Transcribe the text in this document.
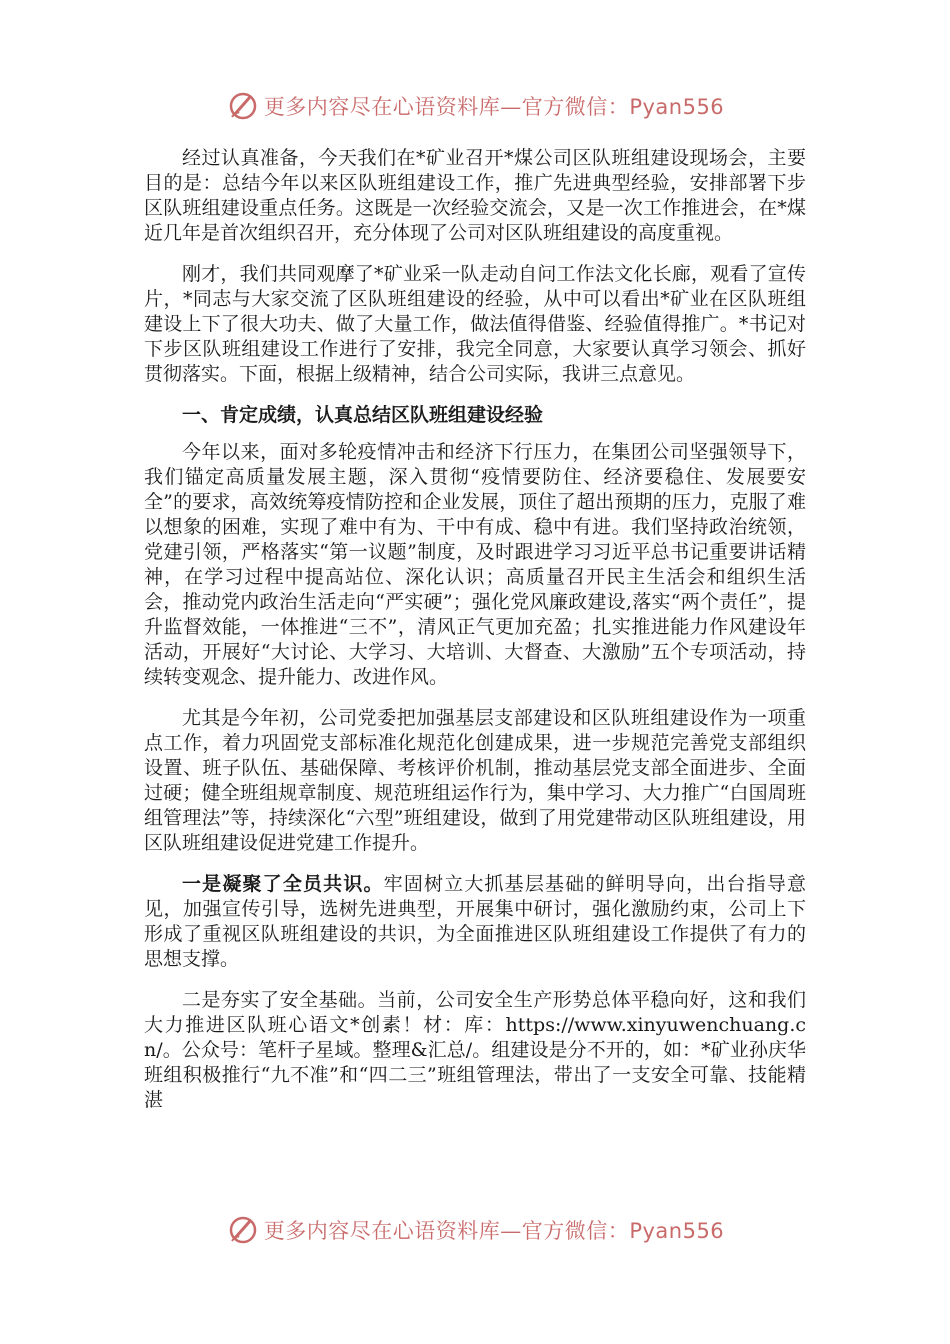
更多内容尽在心语资料库—官方微信：Pyan556

经过认真准备，今天我们在*矿业召开*煤公司区队班组建设现场会，主要目的是：总结今年以来区队班组建设工作，推广先进典型经验，安排部署下步区队班组建设重点任务。这既是一次经验交流会，又是一次工作推进会，在*煤近几年是首次组织召开，充分体现了公司对区队班组建设的高度重视。

刚才，我们共同观摩了*矿业采一队走动自问工作法文化长廊，观看了宣传片，*同志与大家交流了区队班组建设的经验，从中可以看出*矿业在区队班组建设上下了很大功夫、做了大量工作，做法值得借鉴、经验值得推广。*书记对下步区队班组建设工作进行了安排，我完全同意，大家要认真学习领会、抓好贯彻落实。下面，根据上级精神，结合公司实际，我讲三点意见。

一、肯定成绩，认真总结区队班组建设经验

今年以来，面对多轮疫情冲击和经济下行压力，在集团公司坚强领导下，我们锚定高质量发展主题，深入贯彻“疫情要防住、经济要稳住、发展要安全”的要求，高效统筹疫情防控和企业发展，顶住了超出预期的压力，克服了难以想象的困难，实现了难中有为、干中有成、稳中有进。我们坚持政治统领，党建引领，严格落实“第一议题”制度，及时跟进学习习近平总书记重要讲话精神，在学习过程中提高站位、深化认识；高质量召开民主生活会和组织生活会，推动党内政治生活走向“严实硬”；强化党风廉政建设,落实“两个责任”，提升监督效能，一体推进“三不”，清风正气更加充盈；扎实推进能力作风建设年活动，开展好“大讨论、大学习、大培训、大督查、大激励”五个专项活动，持续转变观念、提升能力、改进作风。

尤其是今年初，公司党委把加强基层支部建设和区队班组建设作为一项重点工作，着力巩固党支部标准化规范化创建成果，进一步规范完善党支部组织设置、班子队伍、基础保障、考核评价机制，推动基层党支部全面进步、全面过硬；健全班组规章制度、规范班组运作行为，集中学习、大力推广“白国周班组管理法”等，持续深化“六型”班组建设，做到了用党建带动区队班组建设，用区队班组建设促进党建工作提升。

一是凝聚了全员共识。牢固树立大抓基层基础的鲜明导向，出台指导意见，加强宣传引导，选树先进典型，开展集中研讨，强化激励约束，公司上下形成了重视区队班组建设的共识，为全面推进区队班组建设工作提供了有力的思想支撑。

二是夯实了安全基础。当前，公司安全生产形势总体平稳向好，这和我们大力推进区队班心语文*创素！材：库：https://www.xinyuwenchuang.cn/。公众号：笔杆子星域。整理&汇总/。组建设是分不开的，如：*矿业孙庆华班组积极推行“九不准”和“四二三”班组管理法，带出了一支安全可靠、技能精湛

更多内容尽在心语资料库—官方微信：Pyan556
